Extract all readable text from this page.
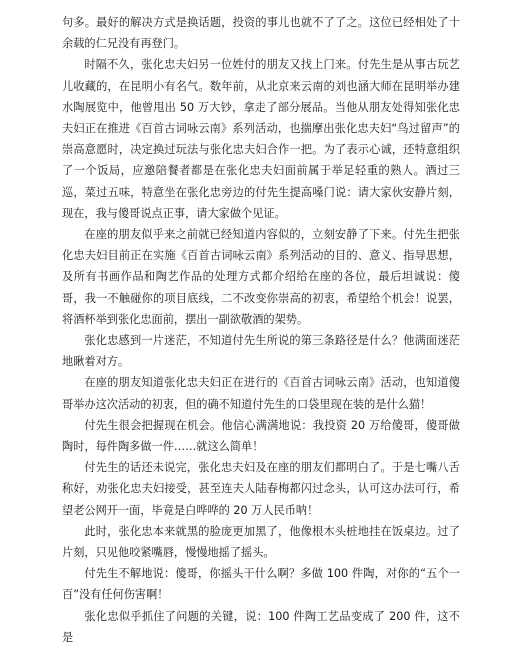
句多。最好的解决方式是换话题，投资的事儿也就不了了之。这位已经相处了十余载的仁兄没有再登门。

时隔不久，张化忠夫妇另一位姓付的朋友又找上门来。付先生是从事古玩艺儿收藏的，在昆明小有名气。数年前，从北京来云南的刘也涵大师在昆明举办建水陶展览中，他曾甩出 50 万大钞，拿走了部分展品。当他从朋友处得知张化忠夫妇正在推进《百首古词咏云南》系列活动，也揣摩出张化忠夫妇“鸟过留声”的崇高意愿时，决定换过玩法与张化忠夫妇合作一把。为了表示心诚，还特意组织了一个饭局，应邀陪餐者都是在张化忠夫妇面前属于举足轻重的熟人。酒过三巡，菜过五味，特意坐在张化忠旁边的付先生提高嗓门说：请大家伙安静片刻，现在，我与傻哥说点正事，请大家做个见证。

在座的朋友似乎来之前就已经知道内容似的，立刻安静了下来。付先生把张化忠夫妇目前正在实施《百首古词咏云南》系列活动的目的、意义、指导思想，及所有书画作品和陶艺作品的处理方式都介绍给在座的各位，最后坦诚说：傻哥，我一不触碰你的项目底线，二不改变你崇高的初衷，希望给个机会！说罢，将酒杯举到张化忠面前，摆出一副欲敬酒的架势。

张化忠感到一片迷茫，不知道付先生所说的第三条路径是什么？他满面迷茫地瞅着对方。

在座的朋友知道张化忠夫妇正在进行的《百首古词咏云南》活动，也知道傻哥举办这次活动的初衷，但的确不知道付先生的口袋里现在装的是什么猫！

付先生很会把握现在机会。他信心满满地说：我投资 20 万给傻哥，傻哥做陶时，每件陶多做一件……就这么简单！

付先生的话还未说完，张化忠夫妇及在座的朋友们都明白了。于是七嘴八舌称好，劝张化忠夫妇接受，甚至连夫人陆春梅都闪过念头，认可这办法可行，希望老公网开一面，毕竟是白哗哗的 20 万人民币呐！

此时，张化忠本来就黑的脸庞更加黑了，他像根木头桩地挂在饭桌边。过了片刻，只见他咬紧嘴唇，慢慢地摇了摇头。

付先生不解地说：傻哥，你摇头干什么啊？多做 100 件陶，对你的“五个一百”没有任何伤害啊！

张化忠似乎抓住了问题的关键，说：100 件陶工艺品变成了 200 件，这不是
